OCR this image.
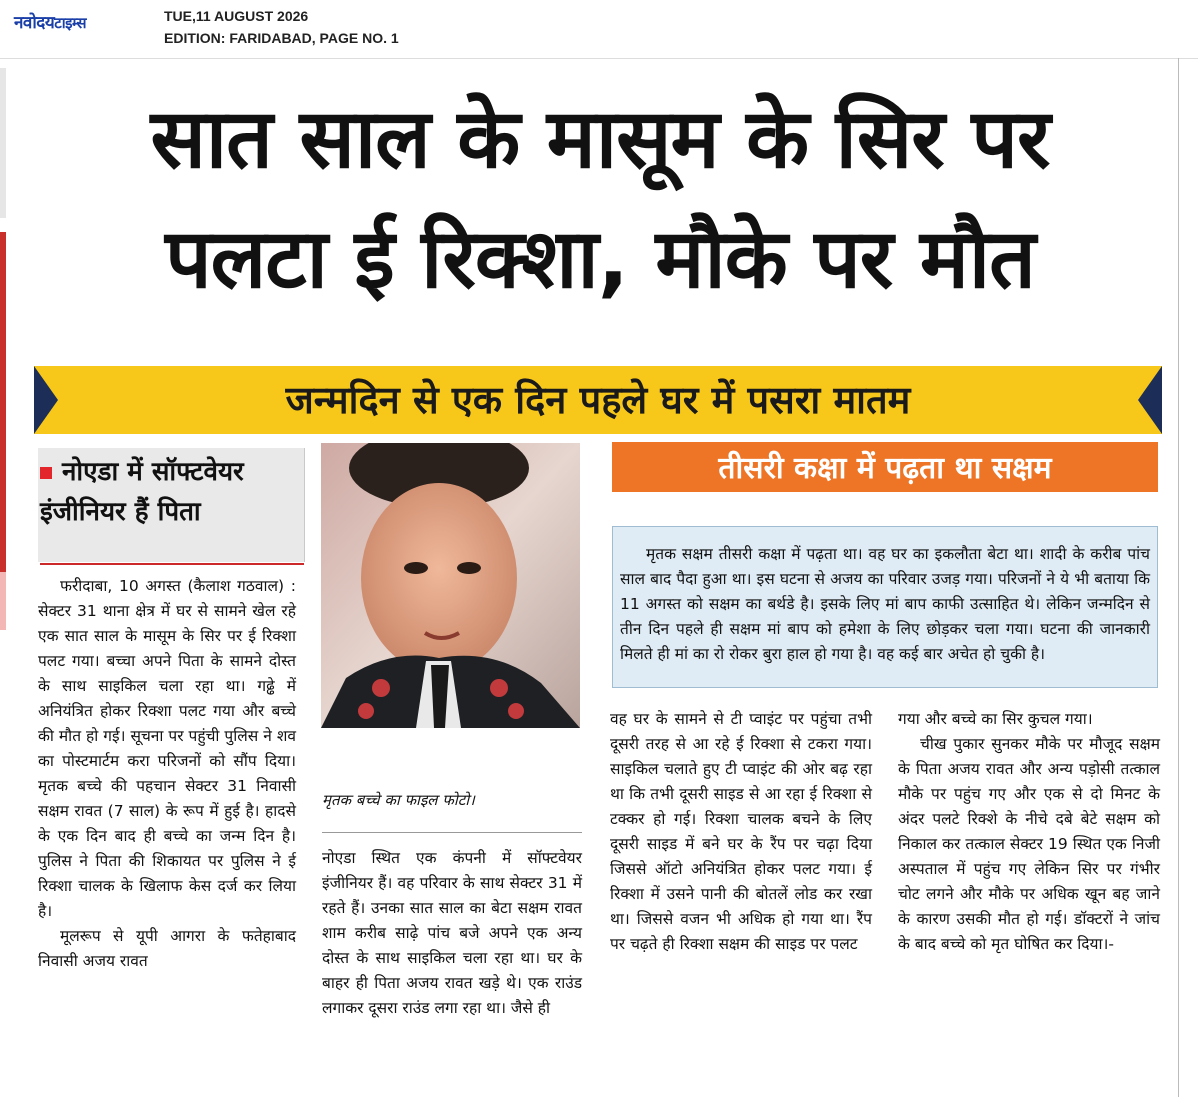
नवोदयटाइम्स	TUE,11 AUGUST 2026
EDITION: FARIDABAD, PAGE NO. 1
सात साल के मासूम के सिर पर
पलटा ई रिक्शा, मौके पर मौत
जन्मदिन से एक दिन पहले घर में पसरा मातम
नोएडा में सॉफ्टवेयर इंजीनियर हैं पिता

फरीदाबा, 10 अगस्त (कैलाश गठवाल) : सेक्टर 31 थाना क्षेत्र में घर से सामने खेल रहे एक सात साल के मासूम के सिर पर ई रिक्शा पलट गया। बच्चा अपने पिता के सामने दोस्त के साथ साइकिल चला रहा था। गढ्ढे में अनियंत्रित होकर रिक्शा पलट गया और बच्चे की मौत हो गई। सूचना पर पहुंची पुलिस ने शव का पोस्टमार्टम करा परिजनों को सौंप दिया। मृतक बच्चे की पहचान सेक्टर 31 निवासी सक्षम रावत (7 साल) के रूप में हुई है। हादसे के एक दिन बाद ही बच्चे का जन्म दिन है। पुलिस ने पिता की शिकायत पर पुलिस ने ई रिक्शा चालक के खिलाफ केस दर्ज कर लिया है।

मूलरूप से यूपी आगरा के फतेहाबाद निवासी अजय रावत

मृतक बच्चे का फाइल फोटो।

नोएडा स्थित एक कंपनी में सॉफ्टवेयर इंजीनियर हैं। वह परिवार के साथ सेक्टर 31 में रहते हैं। उनका सात साल का बेटा सक्षम रावत शाम करीब साढ़े पांच बजे अपने एक अन्य दोस्त के साथ साइकिल चला रहा था। घर के बाहर ही पिता अजय रावत खड़े थे। एक राउंड लगाकर दूसरा राउंड लगा रहा था। जैसे ही

तीसरी कक्षा में पढ़ता था सक्षम
मृतक सक्षम तीसरी कक्षा में पढ़ता था। वह घर का इकलौता बेटा था। शादी के करीब पांच साल बाद पैदा हुआ था। इस घटना से अजय का परिवार उजड़ गया। परिजनों ने ये भी बताया कि 11 अगस्त को सक्षम का बर्थडे है। इसके लिए मां बाप काफी उत्साहित थे। लेकिन जन्मदिन से तीन दिन पहले ही सक्षम मां बाप को हमेशा के लिए छोड़कर चला गया। घटना की जानकारी मिलते ही मां का रो रोकर बुरा हाल हो गया है। वह कई बार अचेत हो चुकी है।

वह घर के सामने से टी प्वाइंट पर पहुंचा तभी दूसरी तरह से आ रहे ई रिक्शा से टकरा गया। साइकिल चलाते हुए टी प्वाइंट की ओर बढ़ रहा था कि तभी दूसरी साइड से आ रहा ई रिक्शा से टक्कर हो गई। रिक्शा चालक बचने के लिए दूसरी साइड में बने घर के रैंप पर चढ़ा दिया जिससे ऑटो अनियंत्रित होकर पलट गया। ई रिक्शा में उसने पानी की बोतलें लोड कर रखा था। जिससे वजन भी अधिक हो गया था। रैंप पर चढ़ते ही रिक्शा सक्षम की साइड पर पलट

गया और बच्चे का सिर कुचल गया।

चीख पुकार सुनकर मौके पर मौजूद सक्षम के पिता अजय रावत और अन्य पड़ोसी तत्काल मौके पर पहुंच गए और एक से दो मिनट के अंदर पलटे रिक्शे के नीचे दबे बेटे सक्षम को निकाल कर तत्काल सेक्टर 19 स्थित एक निजी अस्पताल में पहुंच गए लेकिन सिर पर गंभीर चोट लगने और मौके पर अधिक खून बह जाने के कारण उसकी मौत हो गई। डॉक्टरों ने जांच के बाद बच्चे को मृत घोषित कर दिया।-
